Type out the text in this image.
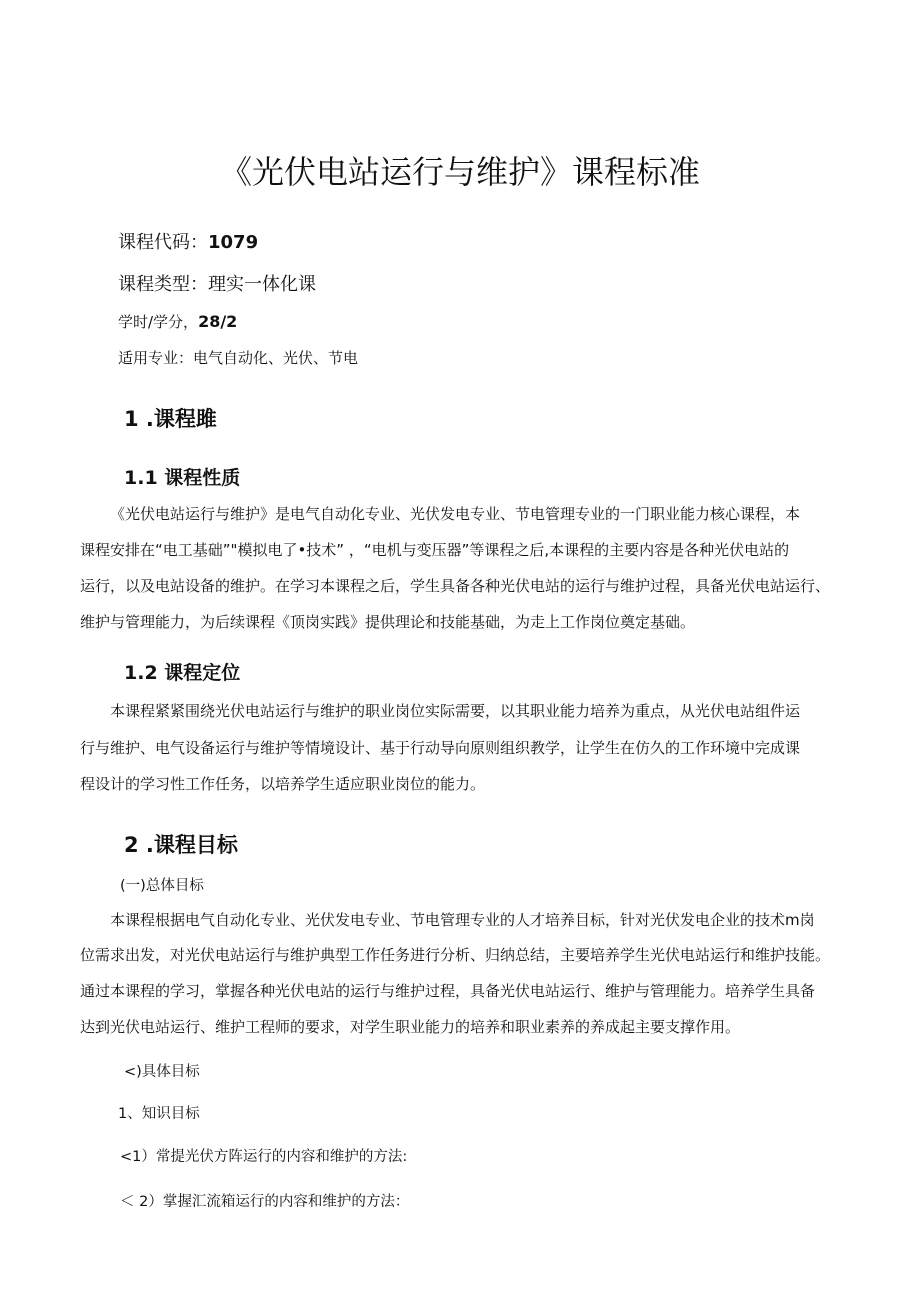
《光伏电站运行与维护》课程标准

课程代码：1079

课程类型：理实一体化课

学时/学分，28/2

适用专业：电气自动化、光伏、节电

1 .课程雎
1.1 课程性质

《光伏电站运行与维护》是电气自动化专业、光伏发电专业、节电管理专业的一门职业能力核心课程，本

课程安排在“电工基础”"模拟电了•技术” ，“电机与变压器”等课程之后,本课程的主要内容是各种光伏电站的

运行，以及电站设备的维护。在学习本课程之后，学生具备各种光伏电站的运行与维护过程，具备光伏电站运行、

维护与管理能力，为后续课程《顶岗实践》提供理论和技能基础，为走上工作岗位奠定基础。

1.2 课程定位

本课程紧紧围绕光伏电站运行与维护的职业岗位实际需要，以其职业能力培养为重点，从光伏电站组件运

行与维护、电气设备运行与维护等情境设计、基于行动导向原则组织教学，让学生在仿久的工作环境中完成课

程设计的学习性工作任务，以培养学生适应职业岗位的能力。

2 .课程目标

(一)总体目标

本课程根据电气自动化专业、光伏发电专业、节电管理专业的人才培养目标，针对光伏发电企业的技术m岗

位需求出发，对光伏电站运行与维护典型工作任务进行分析、归纳总结，主要培养学生光伏电站运行和维护技能。

通过本课程的学习，掌握各种光伏电站的运行与维护过程，具备光伏电站运行、维护与管理能力。培养学生具备

达到光伏电站运行、维护工程师的要求，对学生职业能力的培养和职业素养的养成起主要支撑作用。

<)具体目标

1、知识目标

<1）常提光伏方阵运行的内容和维护的方法:

＜ 2）掌握汇流箱运行的内容和维护的方法：
